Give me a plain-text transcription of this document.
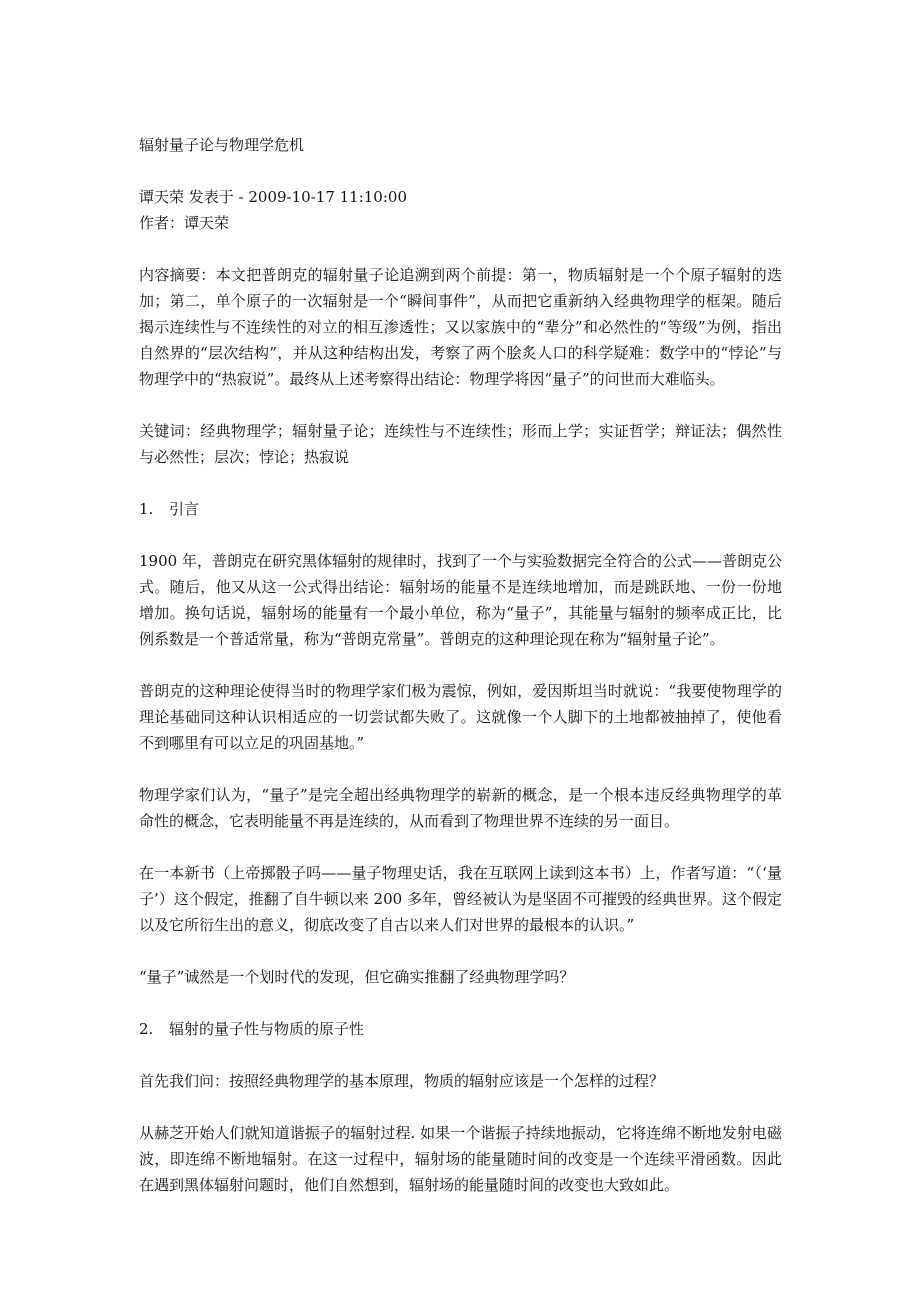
辐射量子论与物理学危机

谭天荣 发表于 - 2009-10-17 11:10:00

作者：谭天荣

内容摘要：本文把普朗克的辐射量子论追溯到两个前提：第一，物质辐射是一个个原子辐射的迭加；第二，单个原子的一次辐射是一个“瞬间事件”，从而把它重新纳入经典物理学的框架。随后揭示连续性与不连续性的对立的相互渗透性；又以家族中的“辈分”和必然性的“等级”为例，指出自然界的“层次结构”，并从这种结构出发，考察了两个脍炙人口的科学疑难：数学中的“悖论”与物理学中的“热寂说”。最终从上述考察得出结论：物理学将因“量子”的问世而大难临头。

关键词：经典物理学；辐射量子论；连续性与不连续性；形而上学；实证哲学；辩证法；偶然性与必然性；层次；悖论；热寂说

1. 引言

1900 年，普朗克在研究黑体辐射的规律时，找到了一个与实验数据完全符合的公式——普朗克公式。随后，他又从这一公式得出结论：辐射场的能量不是连续地增加，而是跳跃地、一份一份地增加。换句话说，辐射场的能量有一个最小单位，称为“量子”，其能量与辐射的频率成正比，比例系数是一个普适常量，称为“普朗克常量”。普朗克的这种理论现在称为“辐射量子论”。

普朗克的这种理论使得当时的物理学家们极为震惊，例如，爱因斯坦当时就说：“我要使物理学的理论基础同这种认识相适应的一切尝试都失败了。这就像一个人脚下的土地都被抽掉了，使他看不到哪里有可以立足的巩固基地。”

物理学家们认为，“量子”是完全超出经典物理学的崭新的概念，是一个根本违反经典物理学的革命性的概念，它表明能量不再是连续的，从而看到了物理世界不连续的另一面目。

在一本新书（上帝掷骰子吗——量子物理史话，我在互联网上读到这本书）上，作者写道：“（‘量子’）这个假定，推翻了自牛顿以来 200 多年，曾经被认为是坚固不可摧毁的经典世界。这个假定以及它所衍生出的意义，彻底改变了自古以来人们对世界的最根本的认识。”

“量子”诚然是一个划时代的发现，但它确实推翻了经典物理学吗？

2. 辐射的量子性与物质的原子性

首先我们问：按照经典物理学的基本原理，物质的辐射应该是一个怎样的过程？

从赫芝开始人们就知道谐振子的辐射过程. 如果一个谐振子持续地振动，它将连绵不断地发射电磁波，即连绵不断地辐射。在这一过程中，辐射场的能量随时间的改变是一个连续平滑函数。因此在遇到黑体辐射问题时，他们自然想到，辐射场的能量随时间的改变也大致如此。
